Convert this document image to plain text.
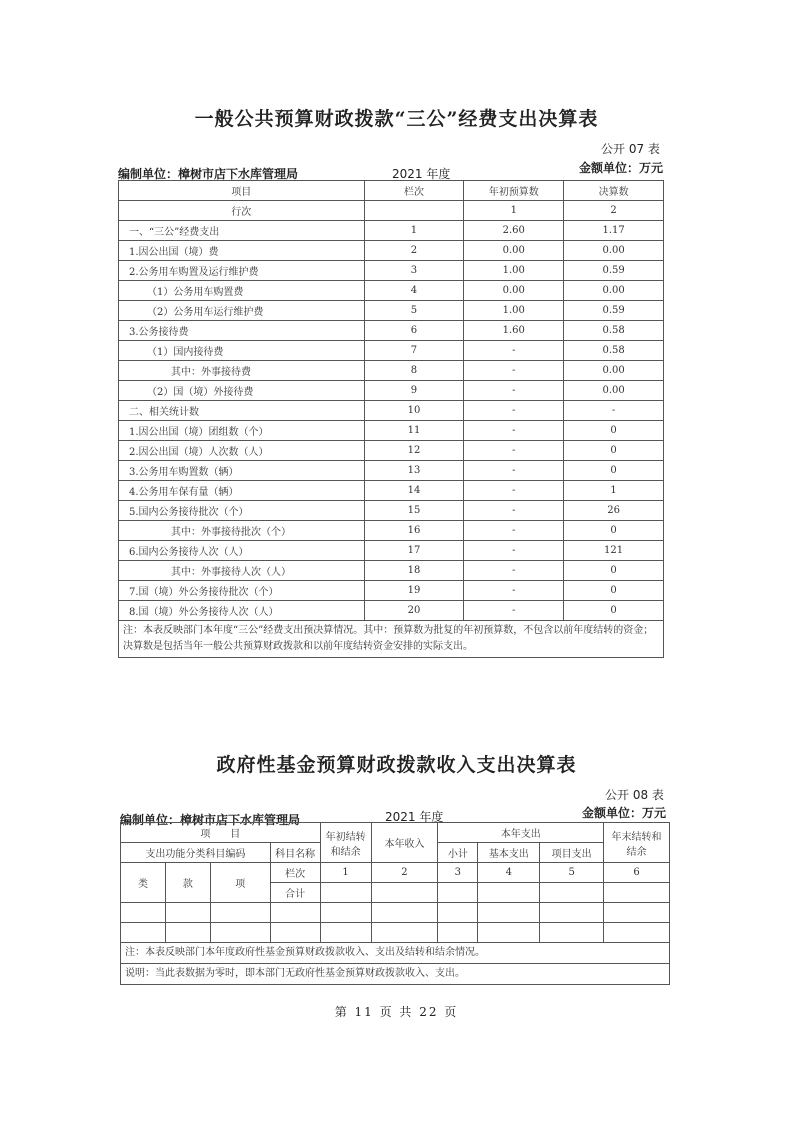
一般公共预算财政拨款“三公”经费支出决算表
公开 07 表
编制单位：樟树市店下水库管理局	2021 年度	金额单位：万元
项目	栏次	年初预算数	决算数
行次		1	2
一、“三公”经费支出	1	2.60	1.17
1.因公出国（境）费	2	0.00	0.00
2.公务用车购置及运行维护费	3	1.00	0.59
（1）公务用车购置费	4	0.00	0.00
（2）公务用车运行维护费	5	1.00	0.59
3.公务接待费	6	1.60	0.58
（1）国内接待费	7	-	0.58
其中：外事接待费	8	-	0.00
（2）国（境）外接待费	9	-	0.00
二、相关统计数	10	-	-
1.因公出国（境）团组数（个）	11	-	0
2.因公出国（境）人次数（人）	12	-	0
3.公务用车购置数（辆）	13	-	0
4.公务用车保有量（辆）	14	-	1
5.国内公务接待批次（个）	15	-	26
其中：外事接待批次（个）	16	-	0
6.国内公务接待人次（人）	17	-	121
其中：外事接待人次（人）	18	-	0
7.国（境）外公务接待批次（个）	19	-	0
8.国（境）外公务接待人次（人）	20	-	0
注：本表反映部门本年度“三公”经费支出预决算情况。其中：预算数为批复的年初预算数，不包含以前年度结转的资金；决算数是包括当年一般公共预算财政拨款和以前年度结转资金安排的实际支出。			
政府性基金预算财政拨款收入支出决算表
公开 08 表
编制单位：樟树市店下水库管理局	2021 年度	金额单位：万元
项　　目				年初结转和结余	本年收入	本年支出			年末结转和结余
支出功能分类科目编码			科目名称			小计	基本支出	项目支出	
类	款	项	栏次	1	2	3	4	5	6
			合计						

注：本表反映部门本年度政府性基金预算财政拨款收入、支出及结转和结余情况。									
说明：当此表数据为零时，即本部门无政府性基金预算财政拨款收入、支出。									
第 11 页 共 22 页
